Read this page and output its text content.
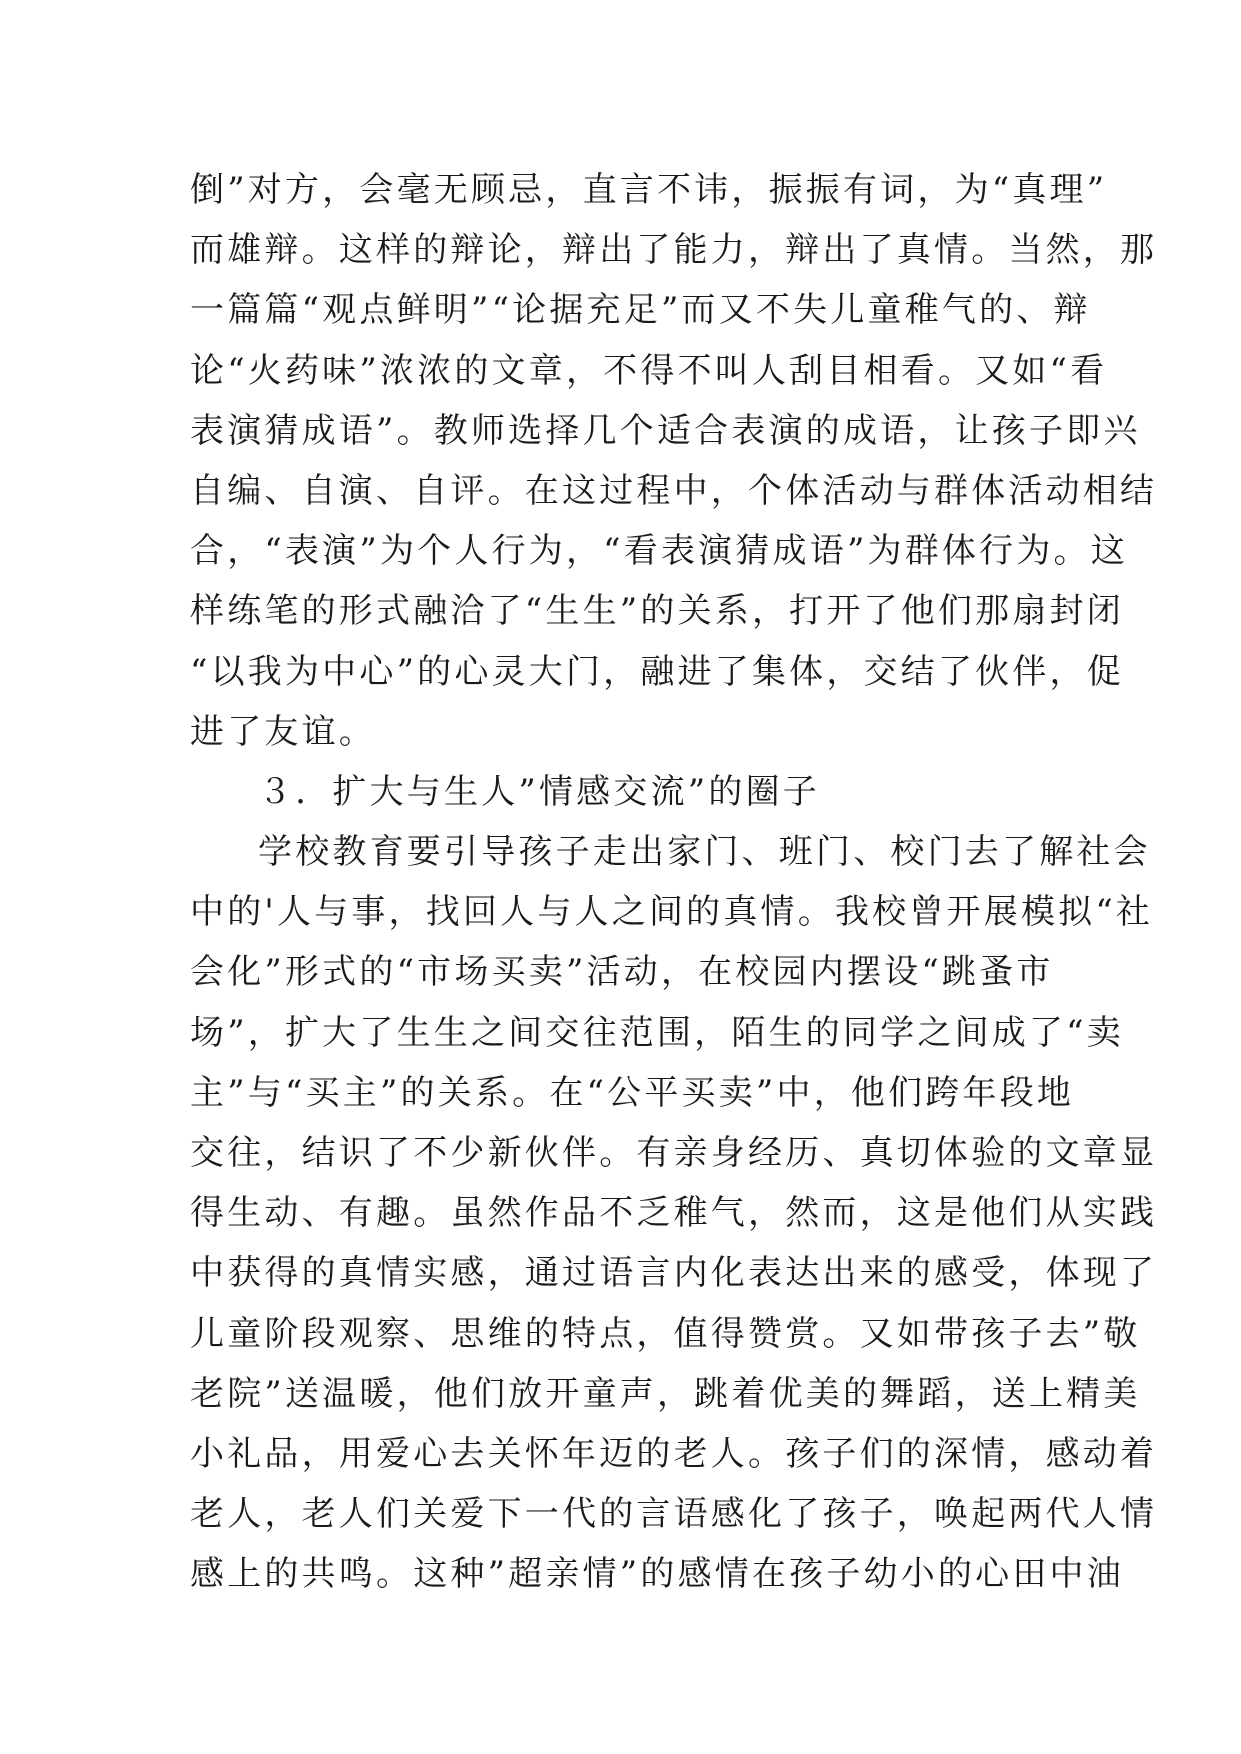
倒”对方，会毫无顾忌，直言不讳，振振有词，为“真理”
而雄辩。这样的辩论，辩出了能力，辩出了真情。当然，那
一篇篇“观点鲜明”“论据充足”而又不失儿童稚气的、辩
论“火药味”浓浓的文章，不得不叫人刮目相看。又如“看
表演猜成语”。教师选择几个适合表演的成语，让孩子即兴
自编、自演、自评。在这过程中，个体活动与群体活动相结
合，“表演”为个人行为，“看表演猜成语”为群体行为。这
样练笔的形式融洽了“生生”的关系，打开了他们那扇封闭
“以我为中心”的心灵大门，融进了集体，交结了伙伴，促
进了友谊。
３．扩大与生人”情感交流”的圈子
学校教育要引导孩子走出家门、班门、校门去了解社会
中的'人与事，找回人与人之间的真情。我校曾开展模拟“社
会化”形式的“市场买卖”活动，在校园内摆设“跳蚤市
场”，扩大了生生之间交往范围，陌生的同学之间成了“卖
主”与“买主”的关系。在“公平买卖”中，他们跨年段地
交往，结识了不少新伙伴。有亲身经历、真切体验的文章显
得生动、有趣。虽然作品不乏稚气，然而，这是他们从实践
中获得的真情实感，通过语言内化表达出来的感受，体现了
儿童阶段观察、思维的特点，值得赞赏。又如带孩子去”敬
老院”送温暖，他们放开童声，跳着优美的舞蹈，送上精美
小礼品，用爱心去关怀年迈的老人。孩子们的深情，感动着
老人，老人们关爱下一代的言语感化了孩子，唤起两代人情
感上的共鸣。这种”超亲情”的感情在孩子幼小的心田中油
